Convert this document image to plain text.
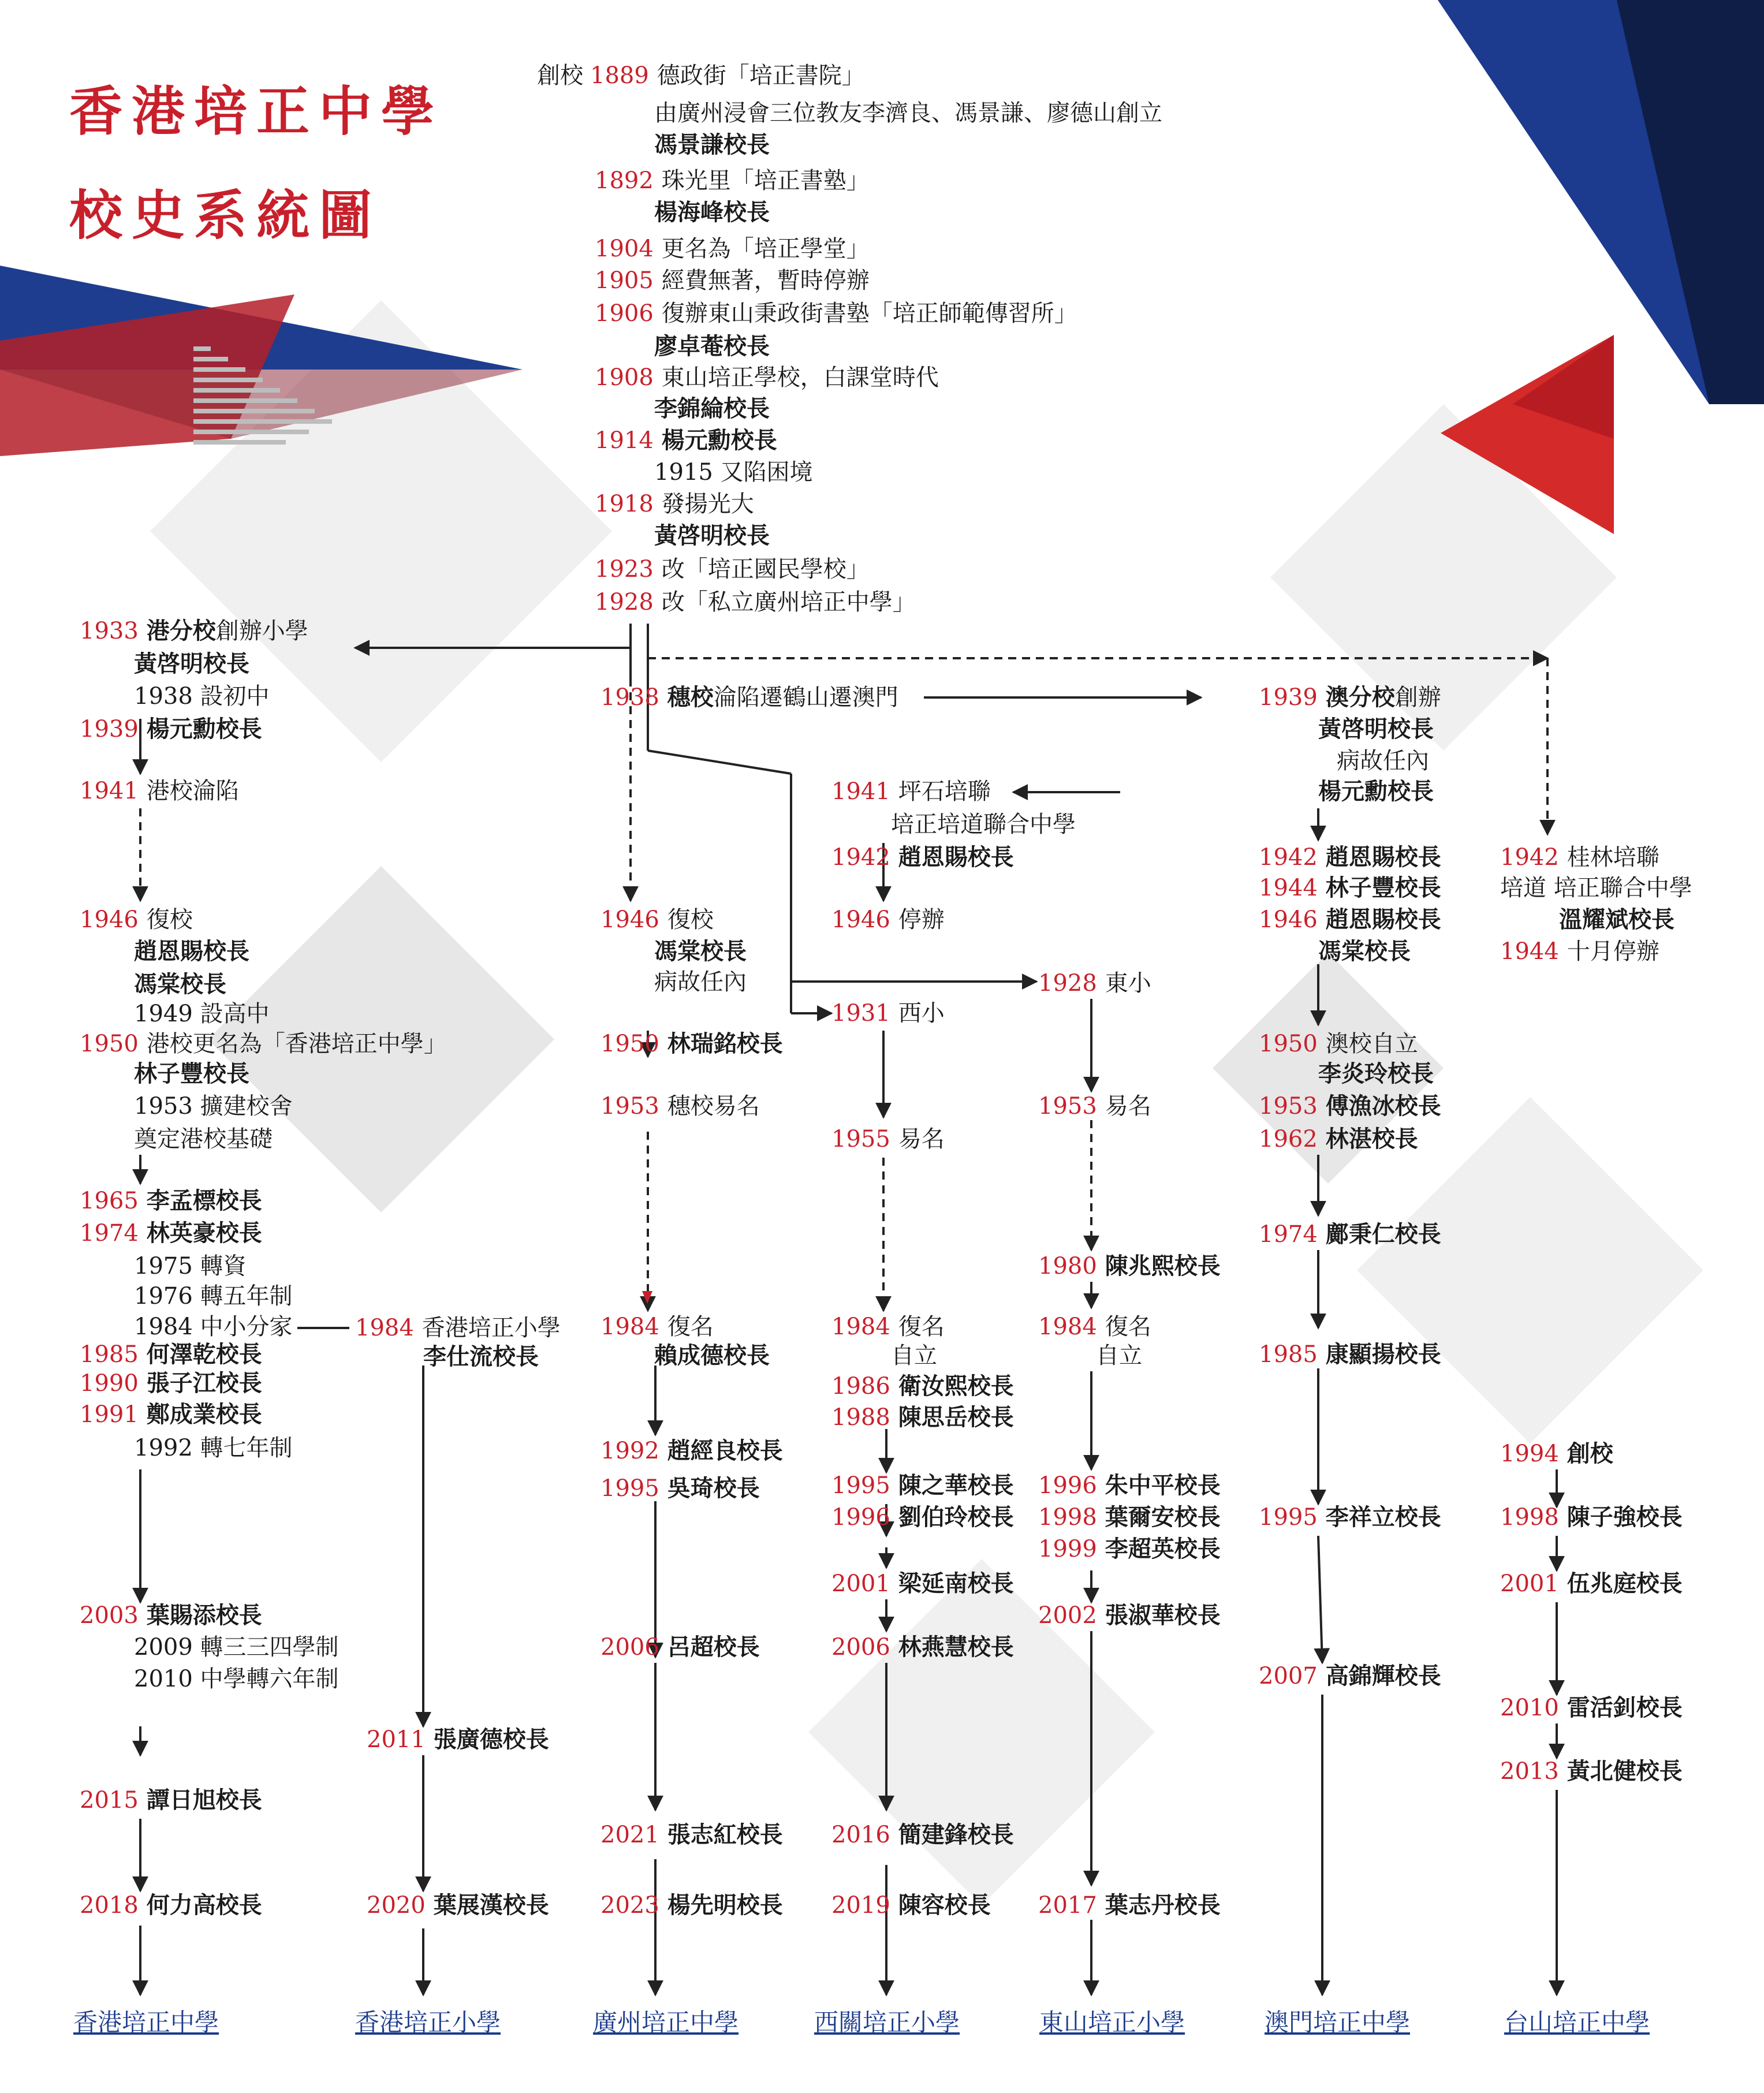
香港培正中學
校史系統圖
創校 1889 德政街「培正書院」
由廣州浸會三位教友李濟良、馮景謙、廖德山創立
馮景謙校長
1892 珠光里「培正書塾」
楊海峰校長
1904 更名為「培正學堂」
1905 經費無著，暫時停辦
1906 復辦東山秉政街書塾「培正師範傳習所」
廖卓菴校長
1908 東山培正學校，白課堂時代
李錦綸校長
1914 楊元勳校長
1915 又陷困境
1918 發揚光大
黃啓明校長
1923 改「培正國民學校」
1928 改「私立廣州培正中學」
1933 港分校創辦小學
黃啓明校長
1938 設初中
1939 楊元勳校長
1941 港校淪陷
1946 復校
趙恩賜校長
馮棠校長
1949 設高中
1950 港校更名為「香港培正中學」
林子豐校長
1953 擴建校舍
奠定港校基礎
1965 李孟標校長
1974 林英豪校長
1975 轉資
1976 轉五年制
1984 中小分家
1985 何澤乾校長
1990 張子江校長
1991 鄭成業校長
1992 轉七年制
2003 葉賜添校長
2009 轉三三四學制
2010 中學轉六年制
2015 譚日旭校長
2018 何力高校長
1984 香港培正小學
李仕流校長
2011 張廣德校長
2020 葉展漢校長
1938 穗校淪陷遷鶴山遷澳門
1946 復校
馮棠校長
病故任內
1950 林瑞銘校長
1953 穗校易名
1984 復名
賴成德校長
1992 趙經良校長
1995 吳琦校長
2006 呂超校長
2021 張志紅校長
2023 楊先明校長
1941 坪石培聯
培正培道聯合中學
1942 趙恩賜校長
1946 停辦
1931 西小
1955 易名
1984 復名
自立
1986 衛汝熙校長
1988 陳思岳校長
1995 陳之華校長
1996 劉伯玲校長
2001 梁延南校長
2006 林燕慧校長
2016 簡建鋒校長
2019 陳容校長
1928 東小
1953 易名
1980 陳兆熙校長
1984 復名
自立
1996 朱中平校長
1998 葉爾安校長
1999 李超英校長
2002 張淑華校長
2017 葉志丹校長
1939 澳分校創辦
黃啓明校長
病故任內
楊元勳校長
1942 趙恩賜校長
1944 林子豐校長
1946 趙恩賜校長
馮棠校長
1950 澳校自立
李炎玲校長
1953 傅漁冰校長
1962 林湛校長
1974 鄺秉仁校長
1985 康顯揚校長
1995 李祥立校長
2007 高錦輝校長
1942 桂林培聯
培道 培正聯合中學
溫耀斌校長
1944 十月停辦
1994 創校
1998 陳子強校長
2001 伍兆庭校長
2010 雷活釗校長
2013 黃北健校長
香港培正中學	香港培正小學	廣州培正中學	西關培正小學	東山培正小學	澳門培正中學	台山培正中學
